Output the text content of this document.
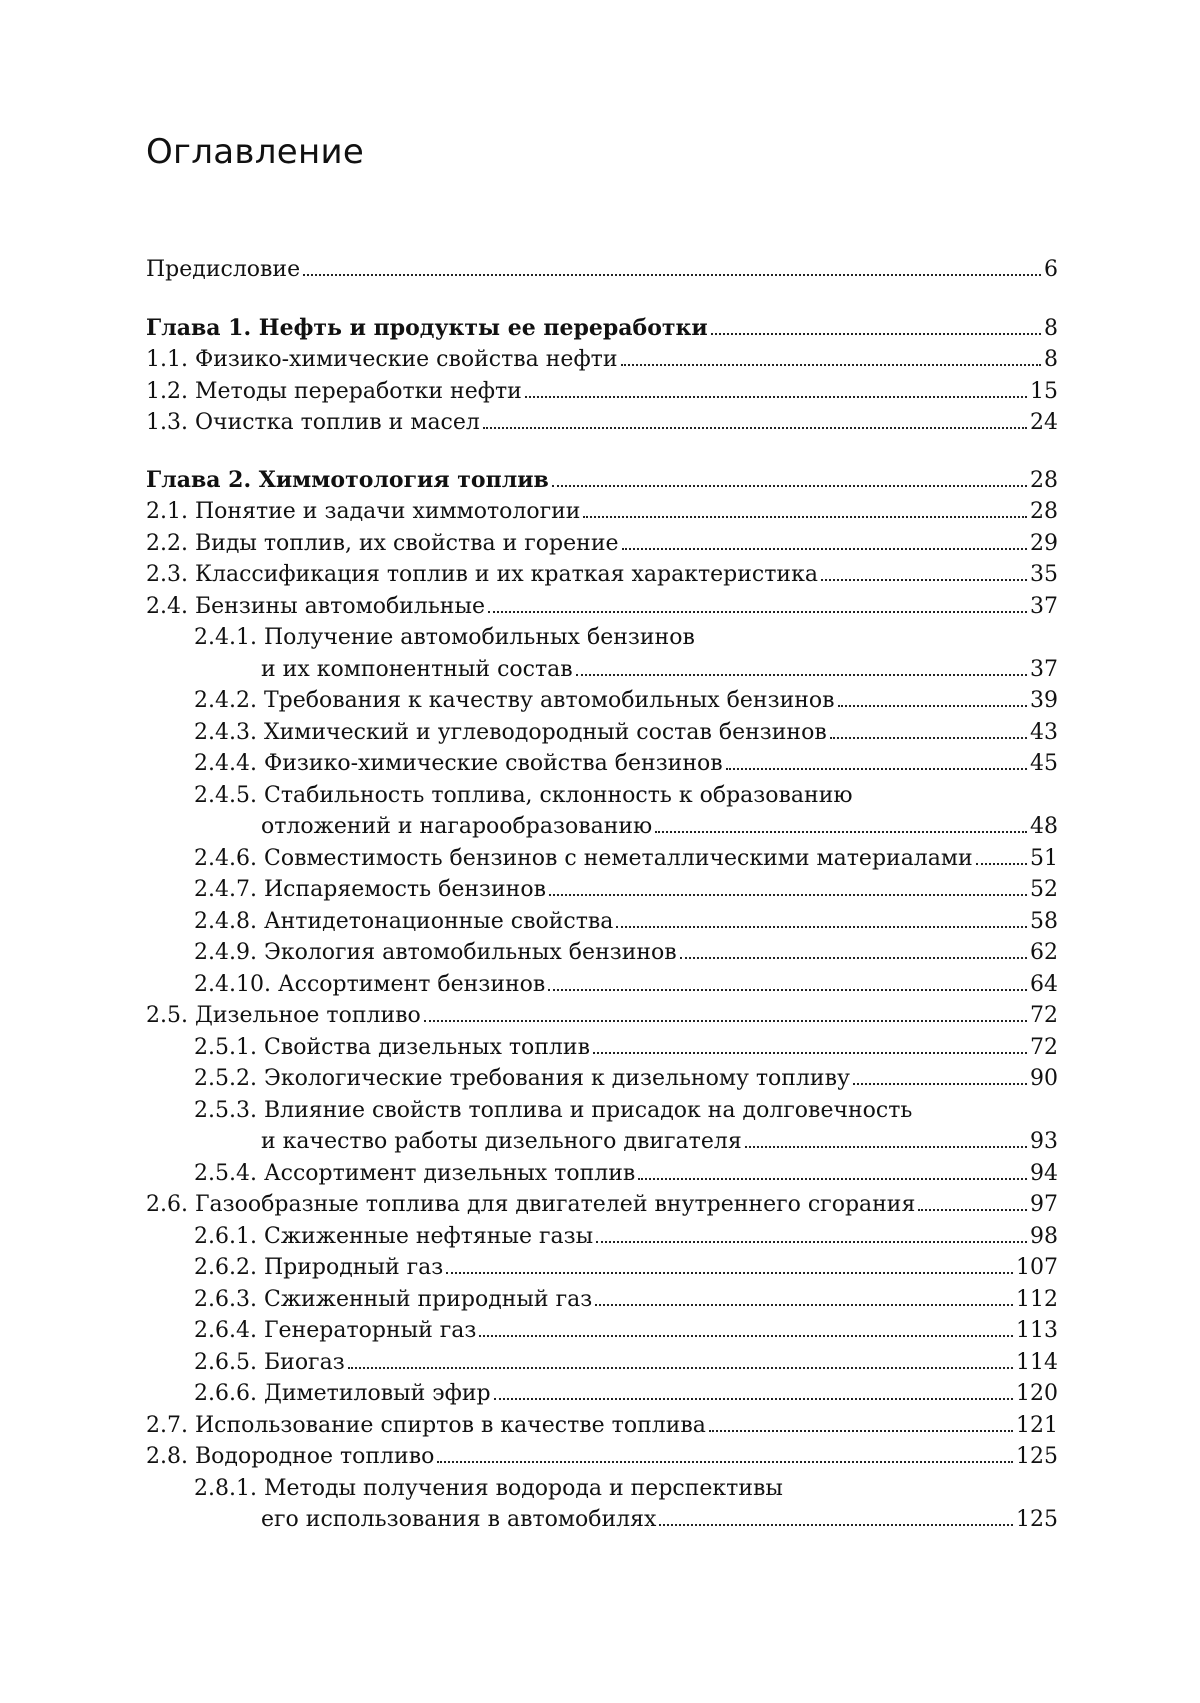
Оглавление
Предисловие	6
Глава 1. Нефть и продукты ее переработки	8
1.1. Физико-химические свойства нефти	8
1.2. Методы переработки нефти	15
1.3. Очистка топлив и масел	24
Глава 2. Химмотология топлив	28
2.1. Понятие и задачи химмотологии	28
2.2. Виды топлив, их свойства и горение	29
2.3. Классификация топлив и их краткая характеристика	35
2.4. Бензины автомобильные	37
2.4.1. Получение автомобильных бензинов
и их компонентный состав	37
2.4.2. Требования к качеству автомобильных бензинов	39
2.4.3. Химический и углеводородный состав бензинов	43
2.4.4. Физико-химические свойства бензинов	45
2.4.5. Стабильность топлива, склонность к образованию
отложений и нагарообразованию	48
2.4.6. Совместимость бензинов с неметаллическими материалами	51
2.4.7. Испаряемость бензинов	52
2.4.8. Антидетонационные свойства	58
2.4.9. Экология автомобильных бензинов	62
2.4.10. Ассортимент бензинов	64
2.5. Дизельное топливо	72
2.5.1. Свойства дизельных топлив	72
2.5.2. Экологические требования к дизельному топливу	90
2.5.3. Влияние свойств топлива и присадок на долговечность
и качество работы дизельного двигателя	93
2.5.4. Ассортимент дизельных топлив	94
2.6. Газообразные топлива для двигателей внутреннего сгорания	97
2.6.1. Сжиженные нефтяные газы	98
2.6.2. Природный газ	107
2.6.3. Сжиженный природный газ	112
2.6.4. Генераторный газ	113
2.6.5. Биогаз	114
2.6.6. Диметиловый эфир	120
2.7. Использование спиртов в качестве топлива	121
2.8. Водородное топливо	125
2.8.1. Методы получения водорода и перспективы
его использования в автомобилях	125
